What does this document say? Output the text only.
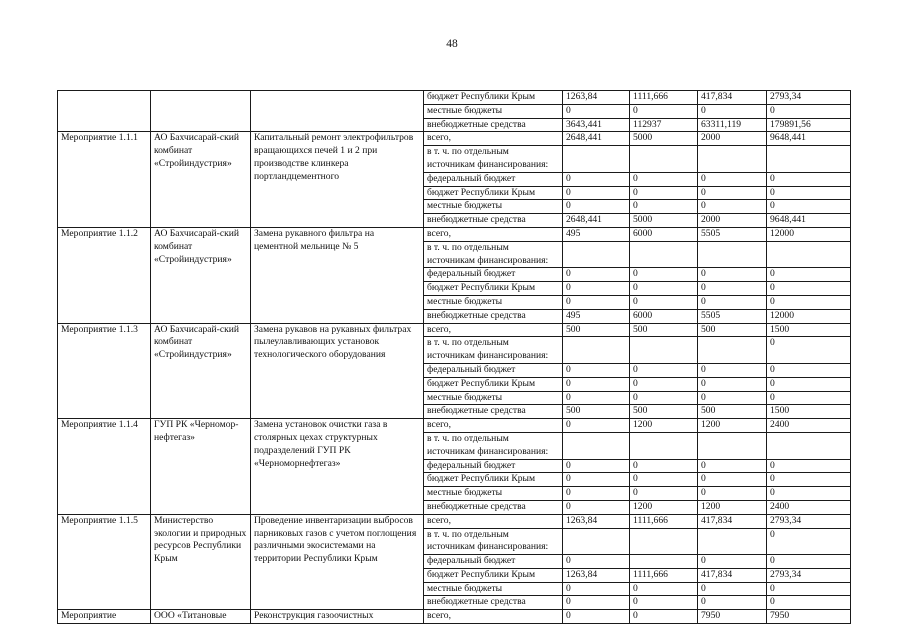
48
			бюджет Республики Крым	1263,84	1111,666	417,834	2793,34
			местные бюджеты	0	0	0	0
			внебюджетные средства	3643,441	112937	63311,119	179891,56
Мероприятие 1.1.1	АО Бахчисарай-ский комбинат «Стройиндустрия»	Капитальный ремонт электрофильтров вращающихся печей 1 и 2 при производстве клинкера портландцементного	всего,	2648,441	5000	2000	9648,441
			в т. ч. по отдельным источникам финансирования:				
			федеральный бюджет	0	0	0	0
			бюджет Республики Крым	0	0	0	0
			местные бюджеты	0	0	0	0
			внебюджетные средства	2648,441	5000	2000	9648,441
Мероприятие 1.1.2	АО Бахчисарай-ский комбинат «Стройиндустрия»	Замена рукавного фильтра на цементной мельнице № 5	всего,	495	6000	5505	12000
			в т. ч. по отдельным источникам финансирования:				
			федеральный бюджет	0	0	0	0
			бюджет Республики Крым	0	0	0	0
			местные бюджеты	0	0	0	0
			внебюджетные средства	495	6000	5505	12000
Мероприятие 1.1.3	АО Бахчисарай-ский комбинат «Стройиндустрия»	Замена рукавов на рукавных фильтрах пылеулавливающих установок технологического оборудования	всего,	500	500	500	1500
			в т. ч. по отдельным источникам финансирования:				0
			федеральный бюджет	0	0	0	0
			бюджет Республики Крым	0	0	0	0
			местные бюджеты	0	0	0	0
			внебюджетные средства	500	500	500	1500
Мероприятие 1.1.4	ГУП РК «Черномор-нефтегаз»	Замена установок очистки газа в столярных цехах структурных подразделений ГУП РК «Черноморнефтегаз»	всего,	0	1200	1200	2400
			в т. ч. по отдельным источникам финансирования:				
			федеральный бюджет	0	0	0	0
			бюджет Республики Крым	0	0	0	0
			местные бюджеты	0	0	0	0
			внебюджетные средства	0	1200	1200	2400
Мероприятие 1.1.5	Министерство экологии и природных ресурсов Республики Крым	Проведение инвентаризации выбросов парниковых газов с учетом поглощения различными экосистемами на территории Республики Крым	всего,	1263,84	1111,666	417,834	2793,34
			в т. ч. по отдельным источникам финансирования:				0
			федеральный бюджет	0		0	0
			бюджет Республики Крым	1263,84	1111,666	417,834	2793,34
			местные бюджеты	0	0	0	0
			внебюджетные средства	0	0	0	0
Мероприятие	ООО «Титановые	Реконструкция газоочистных	всего,	0	0	7950	7950
